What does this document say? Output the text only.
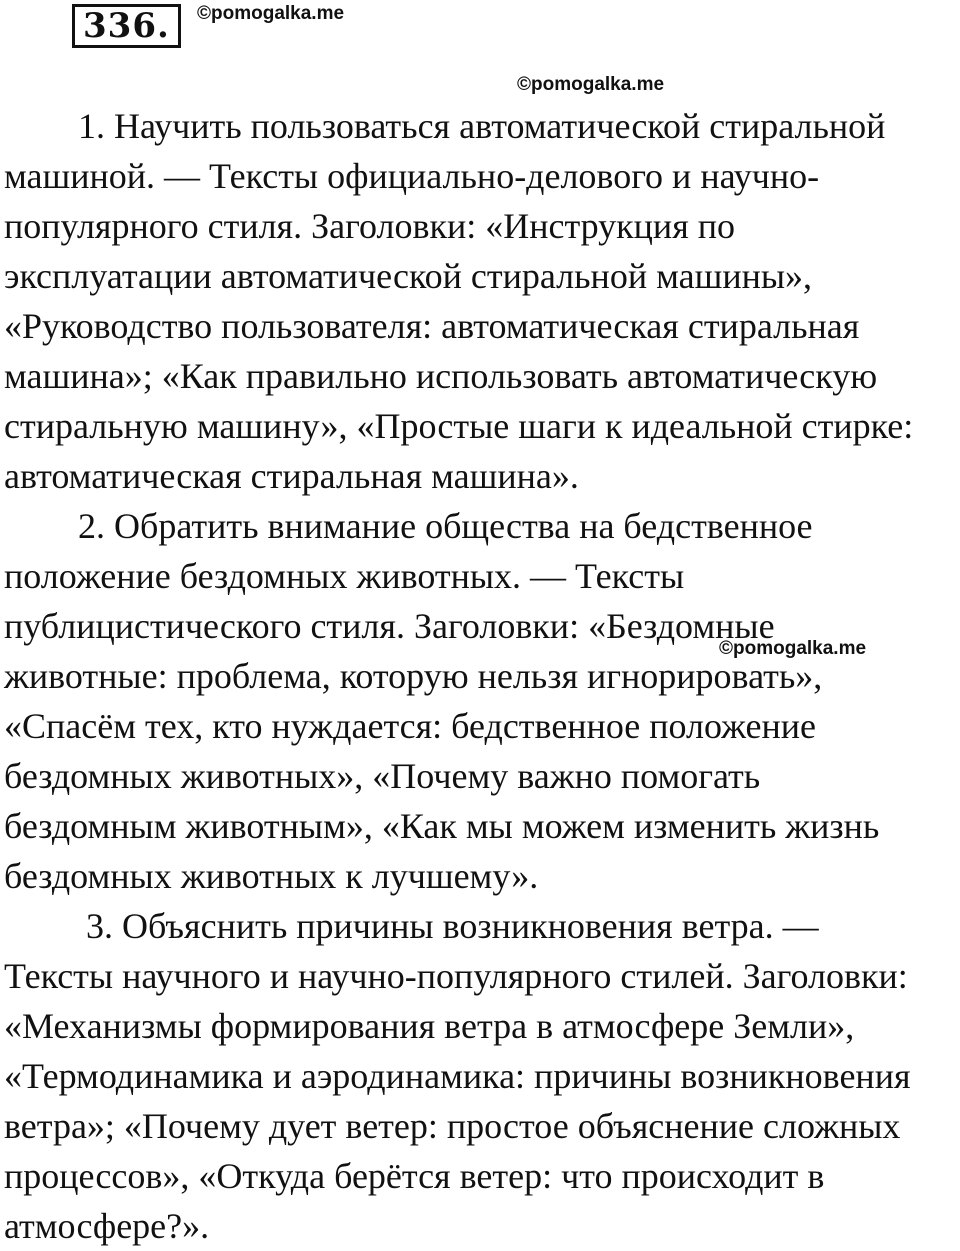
336.	©pomogalka.me
©pomogalka.me
©pomogalka.me
1. Научить пользоваться автоматической стиральной
машиной. — Тексты официально-делового и научно-
популярного стиля. Заголовки: «Инструкция по
эксплуатации автоматической стиральной машины»,
«Руководство пользователя: автоматическая стиральная
машина»; «Как правильно использовать автоматическую
стиральную машину», «Простые шаги к идеальной стирке:
автоматическая стиральная машина».
2. Обратить внимание общества на бедственное
положение бездомных животных. — Тексты
публицистического стиля. Заголовки: «Бездомные
животные: проблема, которую нельзя игнорировать»,
«Спасём тех, кто нуждается: бедственное положение
бездомных животных», «Почему важно помогать
бездомным животным», «Как мы можем изменить жизнь
бездомных животных к лучшему».
3. Объяснить причины возникновения ветра. —
Тексты научного и научно-популярного стилей. Заголовки:
«Механизмы формирования ветра в атмосфере Земли»,
«Термодинамика и аэродинамика: причины возникновения
ветра»; «Почему дует ветер: простое объяснение сложных
процессов», «Откуда берётся ветер: что происходит в
атмосфере?».
